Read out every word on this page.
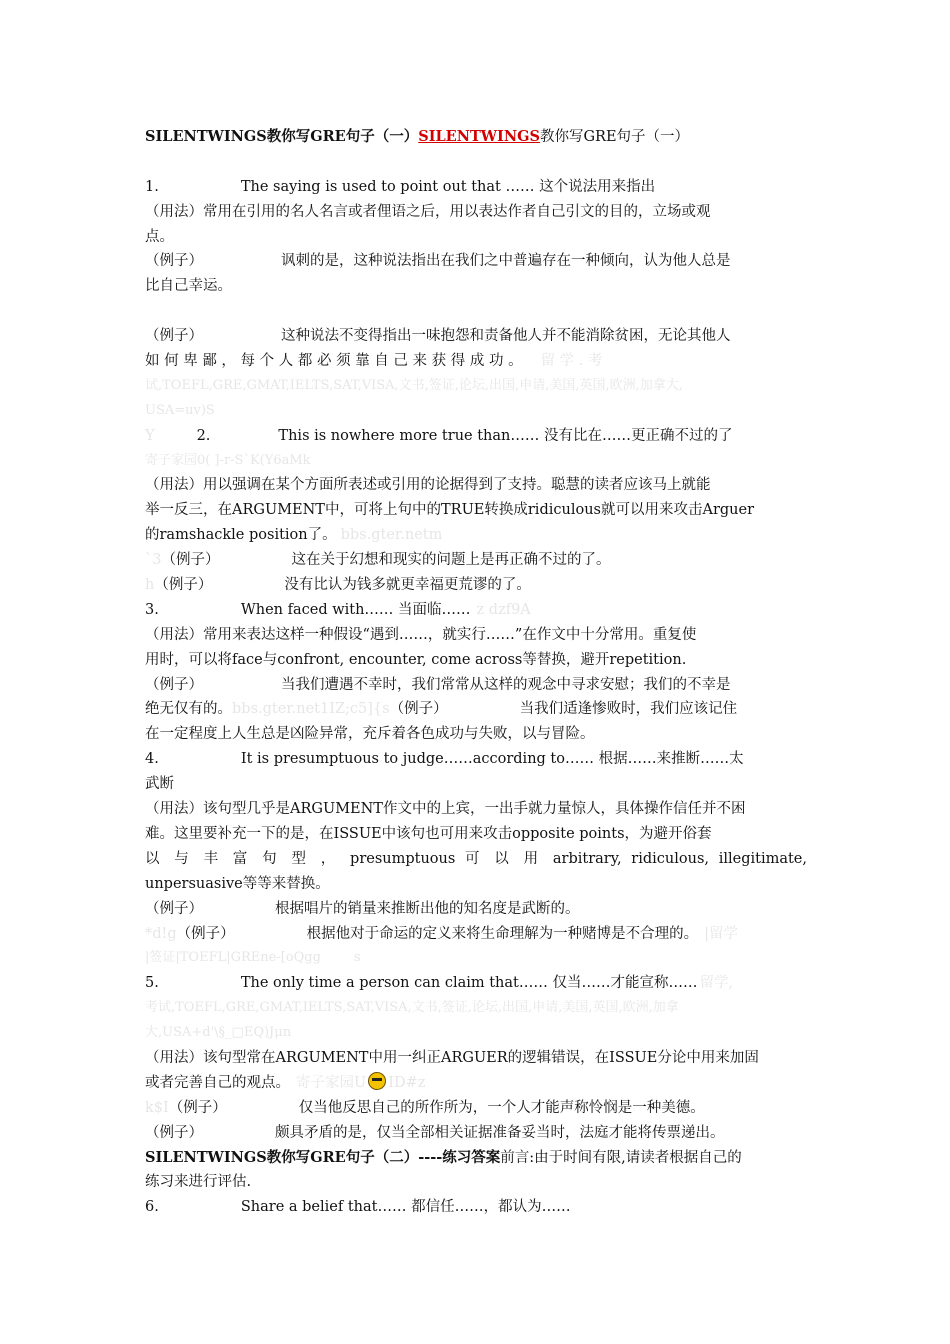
SILENTWINGS教你写GRE句子（一）SILENTWINGS教你写GRE句子（一）
1.	The saying is used to point out that …… 这个说法用来指出
（用法）常用在引用的名人名言或者俚语之后，用以表达作者自己引文的目的，立场或观
点。
（例子）	讽刺的是，这种说法指出在我们之中普遍存在一种倾向，认为他人总是
比自己幸运。
（例子）	这种说法不变得指出一味抱怨和责备他人并不能消除贫困，无论其他人
如 何 卑 鄙 ， 每 个 人 都 必 须 靠 自 己 来 获 得 成 功 。 留 学 . 考
试,TOEFL,GRE,GMAT,IELTS,SAT,VISA,文书,签证,论坛,出国,申请,美国,英国,欧洲,加拿大,
USA=uv)S
Y	2.	This is nowhere more true than…… 没有比在……更正确不过的了
寄子家园0( ]-r-S`K(Y6aMk
（用法）用以强调在某个方面所表述或引用的论据得到了支持。聪慧的读者应该马上就能
举一反三，在ARGUMENT中，可将上句中的TRUE转换成ridiculous就可以用来攻击Arguer
的ramshackle position了。 bbs.gter.netm
`3（例子）	这在关于幻想和现实的问题上是再正确不过的了。
h（例子）	没有比认为钱多就更幸福更荒谬的了。
3.	When faced with…… 当面临…… z dzf9A
（用法）常用来表达这样一种假设“遇到……，就实行……”在作文中十分常用。重复使
用时，可以将face与confront, encounter, come across等替换，避开repetition.
（例子）	当我们遭遇不幸时，我们常常从这样的观念中寻求安慰；我们的不幸是
绝无仅有的。bbs.gter.net1IZ;c5]{s（例子）	当我们适逢惨败时，我们应该记住
在一定程度上人生总是凶险异常，充斥着各色成功与失败，以与冒险。
4.	It is presumptuous to judge……according to…… 根据……来推断……太
武断
（用法）该句型几乎是ARGUMENT作文中的上宾，一出手就力量惊人，具体操作信任并不困
难。这里要补充一下的是，在ISSUE中该句也可用来攻击opposite points，为避开俗套
以 与 丰 富 句 型 ， presumptuous 可 以 用 arbitrary, ridiculous, illegitimate,
unpersuasive等等来替换。
（例子）	根据唱片的销量来推断出他的知名度是武断的。
*d!g（例子）	根据他对于命运的定义来将生命理解为一种赌博是不合理的。 |留学
|签证|TOEFL|GREne-[oQgg        s
5.	The only time a person can claim that…… 仅当……才能宣称…… 留学,
考试,TOEFL,GRE,GMAT,IELTS,SAT,VISA,文书,签证,论坛,出国,申请,美国,英国,欧洲,加拿
大,USA+d'\§_□EQ)Jμn
（用法）该句型常在ARGUMENT中用一纠正ARGUER的逻辑错误，在ISSUE分论中用来加固
或者完善自己的观点。 寄子家园U ID#z
k$I（例子）	仅当他反思自己的所作所为，一个人才能声称怜悯是一种美德。
（例子）	颇具矛盾的是，仅当全部相关证据准备妥当时，法庭才能将传票递出。
SILENTWINGS教你写GRE句子（二）----练习答案前言:由于时间有限,请读者根据自己的
练习来进行评估.
6.	Share a belief that…… 都信任……，都认为……
